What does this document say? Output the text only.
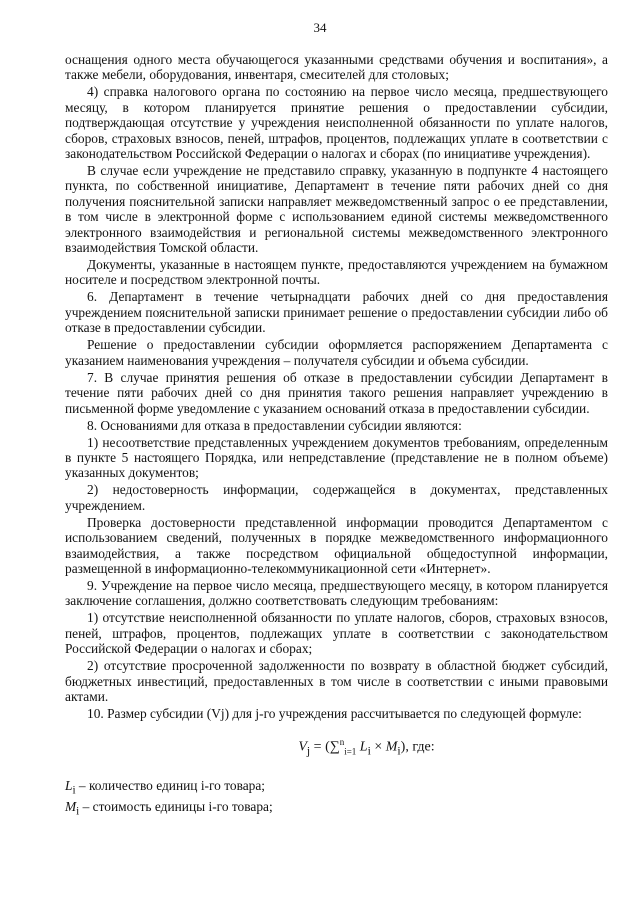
34

оснащения одного места обучающегося указанными средствами обучения и воспитания», а также мебели, оборудования, инвентаря, смесителей для столовых;

4) справка налогового органа по состоянию на первое число месяца, предшествующего месяцу, в котором планируется принятие решения о предоставлении субсидии, подтверждающая отсутствие у учреждения неисполненной обязанности по уплате налогов, сборов, страховых взносов, пеней, штрафов, процентов, подлежащих уплате в соответствии с законодательством Российской Федерации о налогах и сборах (по инициативе учреждения).

В случае если учреждение не представило справку, указанную в подпункте 4 настоящего пункта, по собственной инициативе, Департамент в течение пяти рабочих дней со дня получения пояснительной записки направляет межведомственный запрос о ее представлении, в том числе в электронной форме с использованием единой системы межведомственного электронного взаимодействия и региональной системы межведомственного электронного взаимодействия Томской области.

Документы, указанные в настоящем пункте, предоставляются учреждением на бумажном носителе и посредством электронной почты.

6. Департамент в течение четырнадцати рабочих дней со дня предоставления учреждением пояснительной записки принимает решение о предоставлении субсидии либо об отказе в предоставлении субсидии.

Решение о предоставлении субсидии оформляется распоряжением Департамента с указанием наименования учреждения – получателя субсидии и объема субсидии.

7. В случае принятия решения об отказе в предоставлении субсидии Департамент в течение пяти рабочих дней со дня принятия такого решения направляет учреждению в письменной форме уведомление с указанием оснований отказа в предоставлении субсидии.

8. Основаниями для отказа в предоставлении субсидии являются:

1) несоответствие представленных учреждением документов требованиям, определенным в пункте 5 настоящего Порядка, или непредставление (представление не в полном объеме) указанных документов;

2) недостоверность информации, содержащейся в документах, представленных учреждением.

Проверка достоверности представленной информации проводится Департаментом с использованием сведений, полученных в порядке межведомственного информационного взаимодействия, а также посредством официальной общедоступной информации, размещенной в информационно-телекоммуникационной сети «Интернет».

9. Учреждение на первое число месяца, предшествующего месяцу, в котором планируется заключение соглашения, должно соответствовать следующим требованиям:

1) отсутствие неисполненной обязанности по уплате налогов, сборов, страховых взносов, пеней, штрафов, процентов, подлежащих уплате в соответствии с законодательством Российской Федерации о налогах и сборах;

2) отсутствие просроченной задолженности по возврату в областной бюджет субсидий, бюджетных инвестиций, предоставленных в том числе в соответствии с иными правовыми актами.

10. Размер субсидии (Vj) для j-го учреждения рассчитывается по следующей формуле:

$V_j = (\sum^n_{i=1}$ $L_i \times M_i$), где:

$L_i$ – количество единиц i-го товара;

$M_i$ – стоимость единицы i-го товара;
